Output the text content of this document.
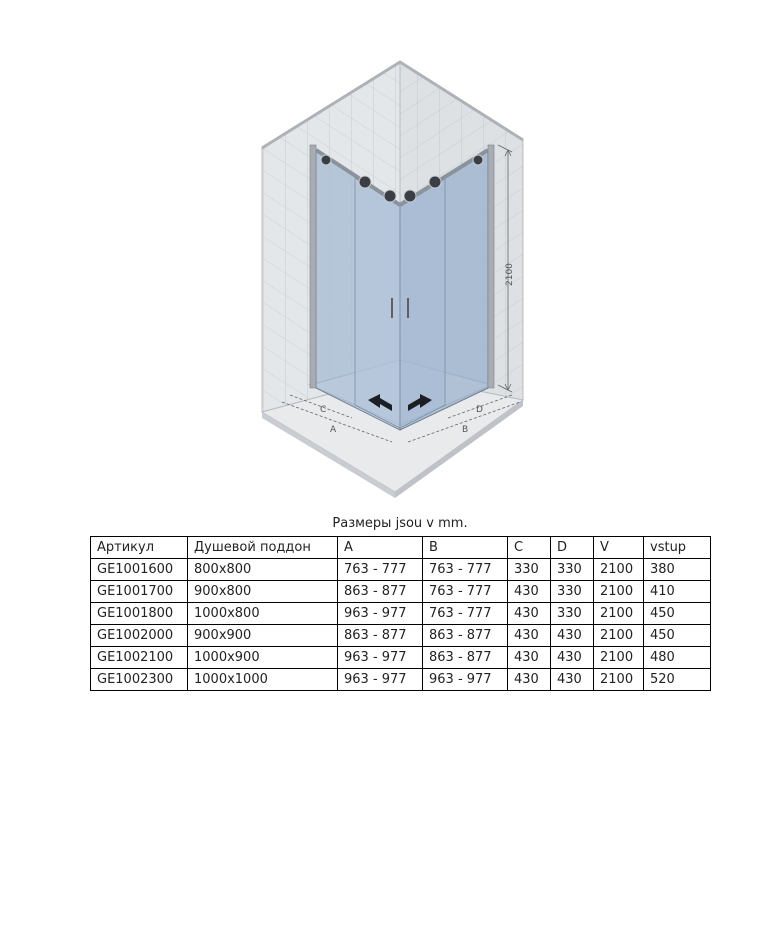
2100
C
A
D
B
Размеры jsou v mm.
Артикул	Душевой поддон	A	B	C	D	V	vstup
GE1001600	800x800	763 - 777	763 - 777	330	330	2100	380
GE1001700	900x800	863 - 877	763 - 777	430	330	2100	410
GE1001800	1000x800	963 - 977	763 - 777	430	330	2100	450
GE1002000	900x900	863 - 877	863 - 877	430	430	2100	450
GE1002100	1000x900	963 - 977	863 - 877	430	430	2100	480
GE1002300	1000x1000	963 - 977	963 - 977	430	430	2100	520
